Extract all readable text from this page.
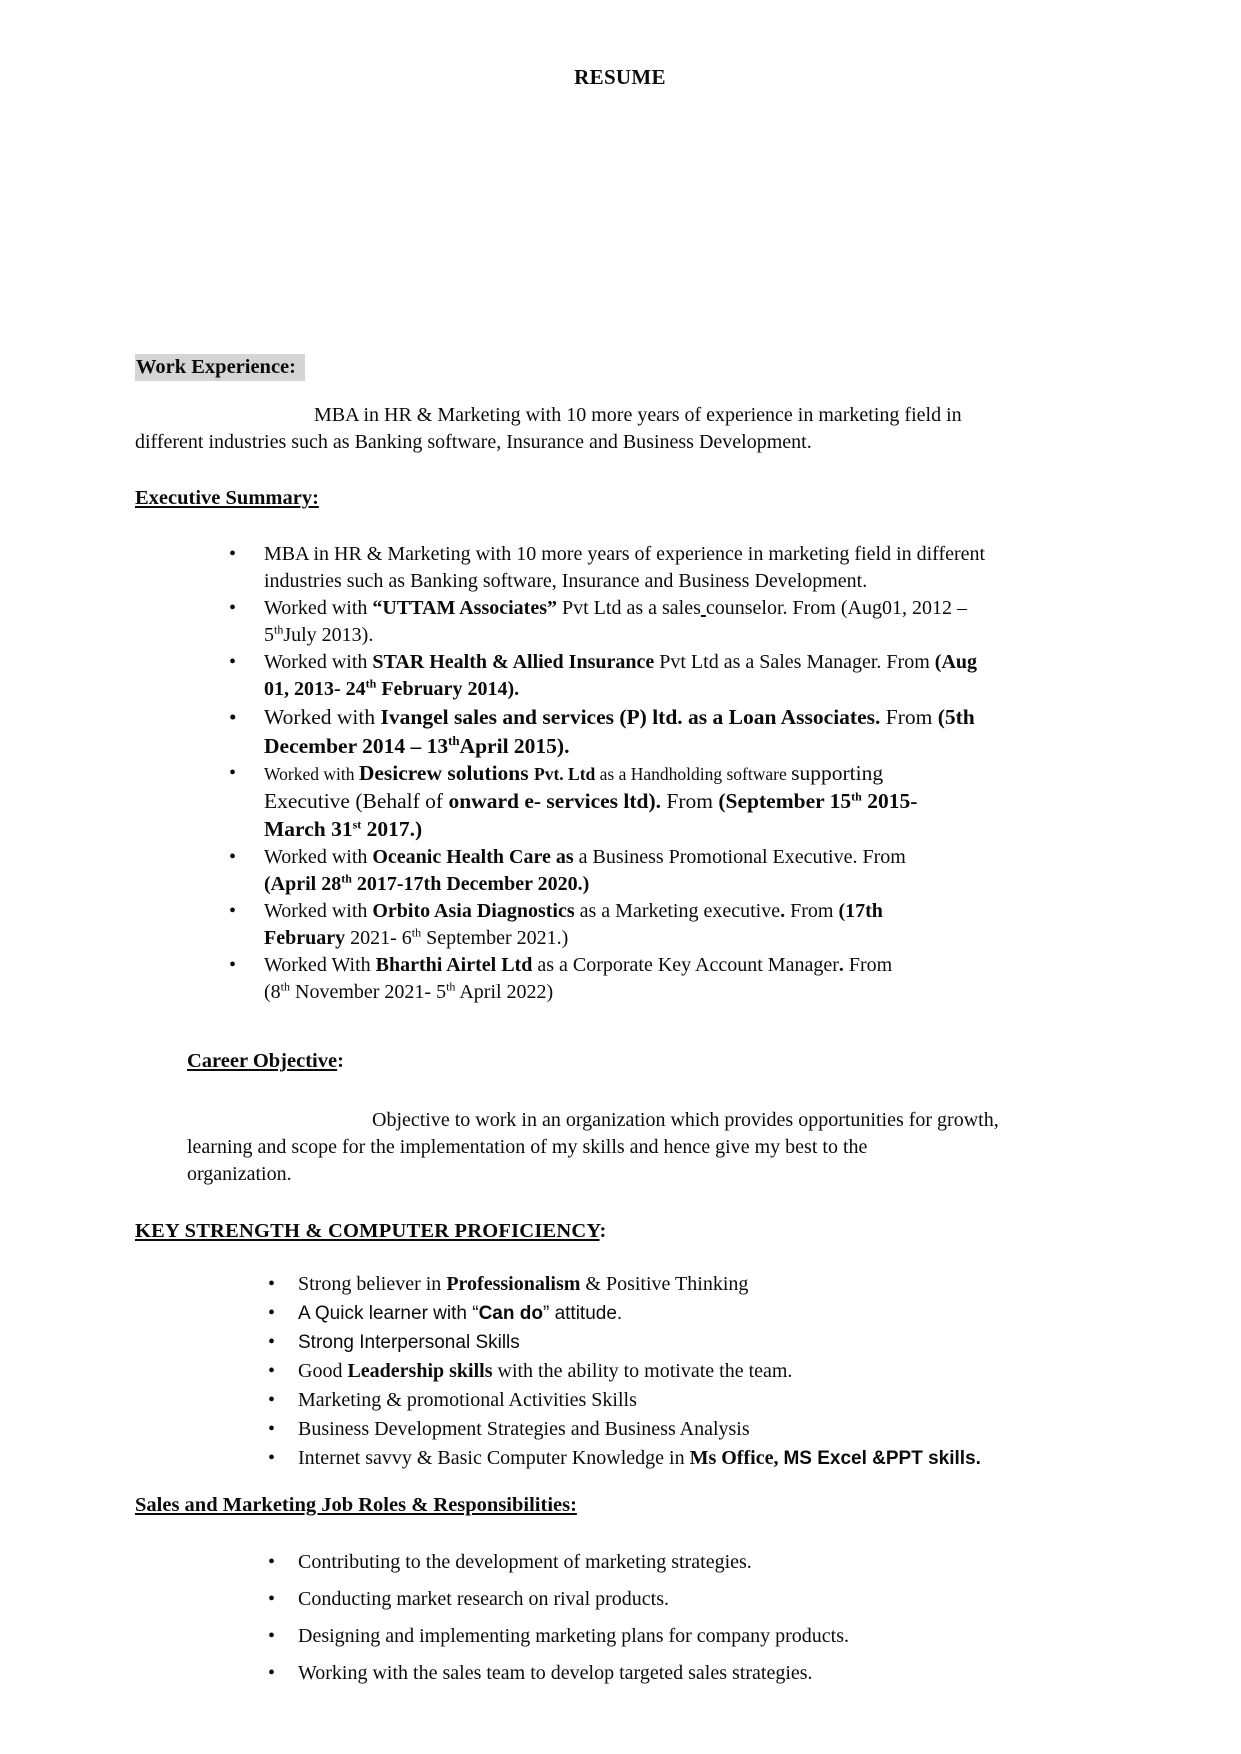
RESUME
Work Experience:
MBA in HR & Marketing with 10 more years of experience in marketing field in
different industries such as Banking software, Insurance and Business Development.
Executive Summary:
• MBA in HR & Marketing with 10 more years of experience in marketing field in different
industries such as Banking software, Insurance and Business Development.
• Worked with “UTTAM Associates” Pvt Ltd as a sales counselor. From (Aug01, 2012 –
5thJuly 2013).
• Worked with STAR Health & Allied Insurance Pvt Ltd as a Sales Manager. From (Aug
01, 2013- 24th February 2014).
• Worked with Ivangel sales and services (P) ltd. as a Loan Associates. From (5th
December 2014 – 13thApril 2015).
• Worked with Desicrew solutions Pvt. Ltd as a Handholding software supporting
Executive (Behalf of onward e- services ltd). From (September 15th 2015-
March 31st 2017.)
• Worked with Oceanic Health Care as a Business Promotional Executive. From
(April 28th 2017-17th December 2020.)
• Worked with Orbito Asia Diagnostics as a Marketing executive. From (17th
February 2021- 6th September 2021.)
• Worked With Bharthi Airtel Ltd as a Corporate Key Account Manager. From
(8th November 2021- 5th April 2022)
Career Objective:
Objective to work in an organization which provides opportunities for growth,
learning and scope for the implementation of my skills and hence give my best to the
organization.
KEY STRENGTH & COMPUTER PROFICIENCY:
• Strong believer in Professionalism & Positive Thinking
• A Quick learner with “Can do” attitude.
• Strong Interpersonal Skills
• Good Leadership skills with the ability to motivate the team.
• Marketing & promotional Activities Skills
• Business Development Strategies and Business Analysis
• Internet savvy & Basic Computer Knowledge in Ms Office, MS Excel &PPT skills.
Sales and Marketing Job Roles & Responsibilities:
• Contributing to the development of marketing strategies.
• Conducting market research on rival products.
• Designing and implementing marketing plans for company products.
• Working with the sales team to develop targeted sales strategies.
